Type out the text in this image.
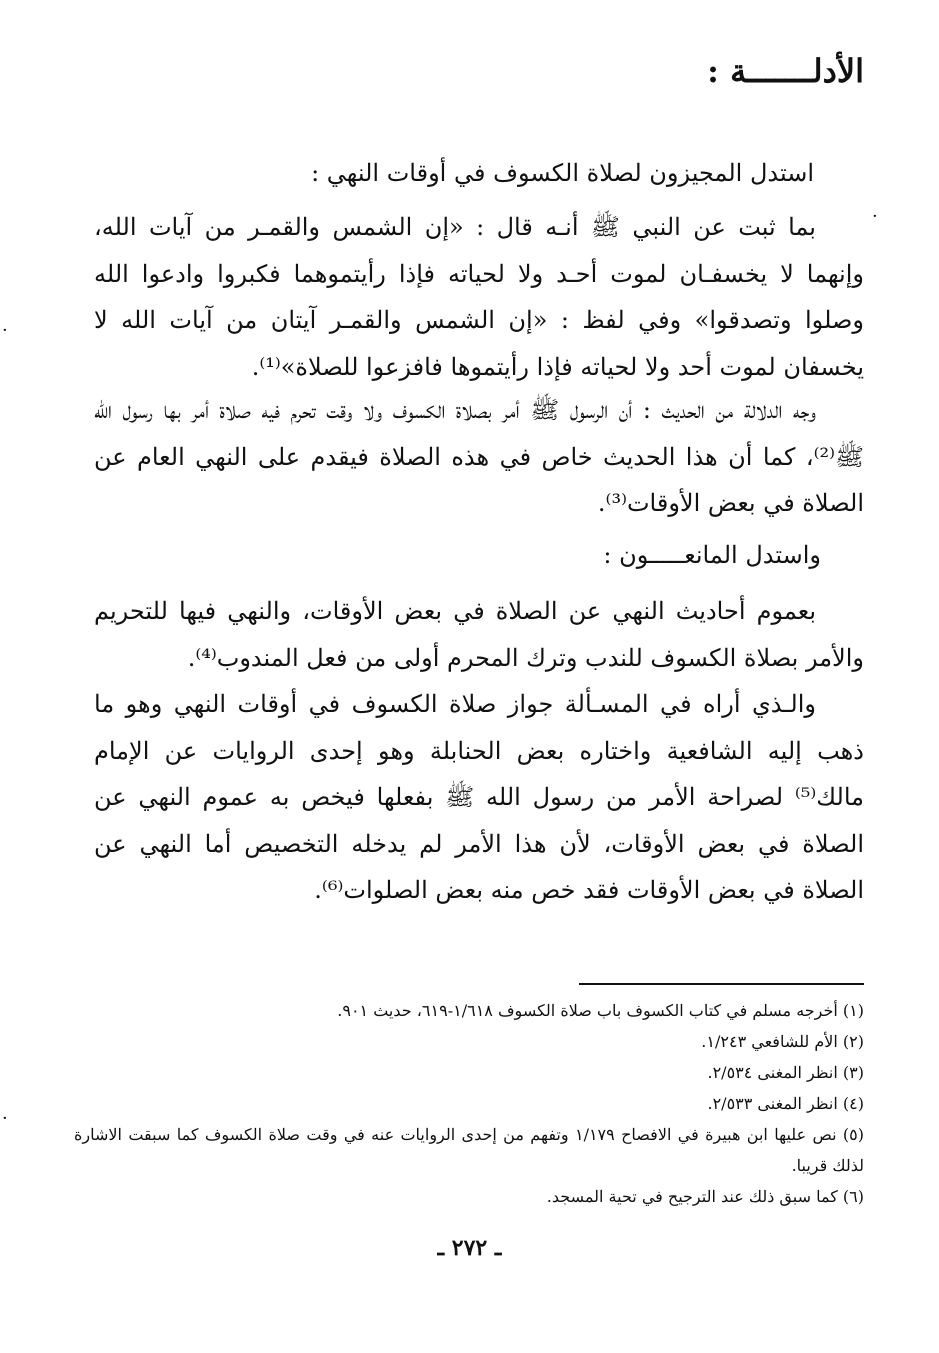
الأدلـــــــة :

استدل المجيزون لصلاة الكسوف في أوقات النهي :

بما ثبت عن النبي ﷺ أنـه قال : «إن الشمس والقمـر من آيات الله، وإنهما لا يخسفـان لموت أحـد ولا لحياته فإذا رأيتموهما فكبروا وادعوا الله وصلوا وتصدقوا» وفي لفظ : «إن الشمس والقمـر آيتان من آيات الله لا يخسفان لموت أحد ولا لحياته فإذا رأيتموها فافزعوا للصلاة»⁽¹⁾.

وجه الدلالة من الحديث : أن الرسول ﷺ أمر بصلاة الكسوف ولا وقت تحرم فيه صلاة أمر بها رسول الله ﷺ⁽²⁾، كما أن هذا الحديث خاص في هذه الصلاة فيقدم على النهي العام عن الصلاة في بعض الأوقات⁽³⁾.

واستدل المانعـــــون :

بعموم أحاديث النهي عن الصلاة في بعض الأوقات، والنهي فيها للتحريم والأمر بصلاة الكسوف للندب وترك المحرم أولى من فعل المندوب⁽⁴⁾.

والـذي أراه في المسـألة جواز صلاة الكسوف في أوقات النهي وهو ما ذهب إليه الشافعية واختاره بعض الحنابلة وهو إحدى الروايات عن الإمام مالك⁽⁵⁾ لصراحة الأمر من رسول الله ﷺ بفعلها فيخص به عموم النهي عن الصلاة في بعض الأوقات، لأن هذا الأمر لم يدخله التخصيص أما النهي عن الصلاة في بعض الأوقات فقد خص منه بعض الصلوات⁽⁶⁾.

(١) أخرجه مسلم في كتاب الكسوف باب صلاة الكسوف ١/٦١٨-٦١٩، حديث ٩٠١.

(٢) الأم للشافعي ١/٢٤٣.

(٣) انظر المغنى ٢/٥٣٤.

(٤) انظر المغنى ٢/٥٣٣.

(٥) نص عليها ابن هبيرة في الافصاح ١/١٧٩ وتفهم من إحدى الروايات عنه في وقت صلاة الكسوف كما سبقت الاشارة لذلك قريبا.

(٦) كما سبق ذلك عند الترجيح في تحية المسجد.

ـ ٢٧٢ ـ
·
·
·
